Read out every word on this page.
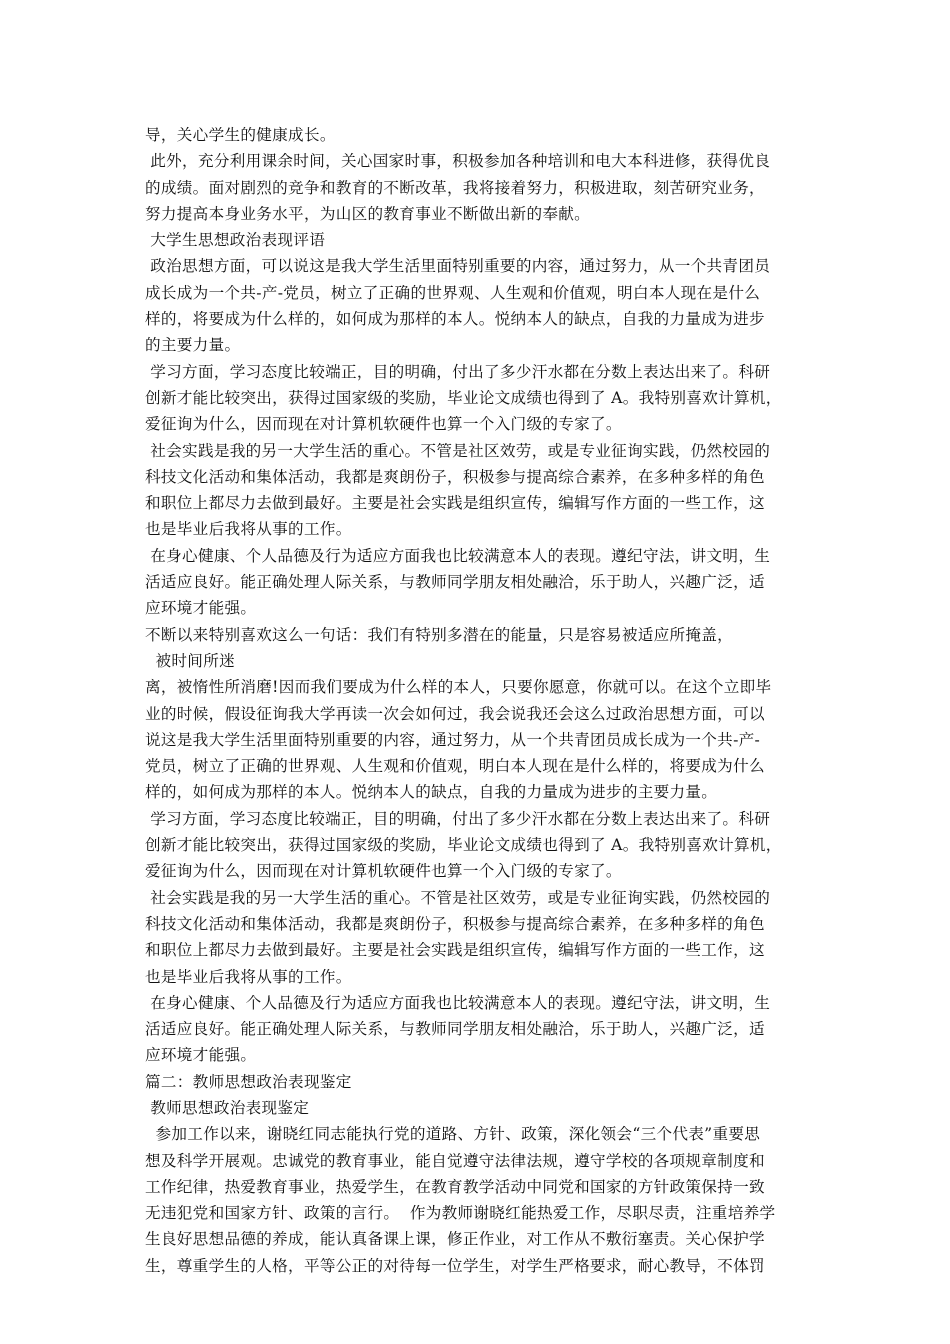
导，关心学生的健康成长。
此外，充分利用课余时间，关心国家时事，积极参加各种培训和电大本科进修，获得优良
的成绩。面对剧烈的竞争和教育的不断改革，我将接着努力，积极进取，刻苦研究业务，
努力提高本身业务水平，为山区的教育事业不断做出新的奉献。
大学生思想政治表现评语
政治思想方面，可以说这是我大学生活里面特别重要的内容，通过努力，从一个共青团员
成长成为一个共-产-党员，树立了正确的世界观、人生观和价值观，明白本人现在是什么
样的，将要成为什么样的，如何成为那样的本人。悦纳本人的缺点，自我的力量成为进步
的主要力量。
学习方面，学习态度比较端正，目的明确，付出了多少汗水都在分数上表达出来了。科研
创新才能比较突出，获得过国家级的奖励，毕业论文成绩也得到了 A。我特别喜欢计算机，
爱征询为什么，因而现在对计算机软硬件也算一个入门级的专家了。
社会实践是我的另一大学生活的重心。不管是社区效劳，或是专业征询实践，仍然校园的
科技文化活动和集体活动，我都是爽朗份子，积极参与提高综合素养，在多种多样的角色
和职位上都尽力去做到最好。主要是社会实践是组织宣传，编辑写作方面的一些工作，这
也是毕业后我将从事的工作。
在身心健康、个人品德及行为适应方面我也比较满意本人的表现。遵纪守法，讲文明，生
活适应良好。能正确处理人际关系，与教师同学朋友相处融洽，乐于助人，兴趣广泛，适
应环境才能强。
不断以来特别喜欢这么一句话：我们有特别多潜在的能量，只是容易被适应所掩盖，
被时间所迷
离，被惰性所消磨!因而我们要成为什么样的本人，只要你愿意，你就可以。在这个立即毕
业的时候，假设征询我大学再读一次会如何过，我会说我还会这么过政治思想方面，可以
说这是我大学生活里面特别重要的内容，通过努力，从一个共青团员成长成为一个共-产-
党员，树立了正确的世界观、人生观和价值观，明白本人现在是什么样的，将要成为什么
样的，如何成为那样的本人。悦纳本人的缺点，自我的力量成为进步的主要力量。
学习方面，学习态度比较端正，目的明确，付出了多少汗水都在分数上表达出来了。科研
创新才能比较突出，获得过国家级的奖励，毕业论文成绩也得到了 A。我特别喜欢计算机，
爱征询为什么，因而现在对计算机软硬件也算一个入门级的专家了。
社会实践是我的另一大学生活的重心。不管是社区效劳，或是专业征询实践，仍然校园的
科技文化活动和集体活动，我都是爽朗份子，积极参与提高综合素养，在多种多样的角色
和职位上都尽力去做到最好。主要是社会实践是组织宣传，编辑写作方面的一些工作，这
也是毕业后我将从事的工作。
在身心健康、个人品德及行为适应方面我也比较满意本人的表现。遵纪守法，讲文明，生
活适应良好。能正确处理人际关系，与教师同学朋友相处融洽，乐于助人，兴趣广泛，适
应环境才能强。
篇二：教师思想政治表现鉴定
教师思想政治表现鉴定
参加工作以来，谢晓红同志能执行党的道路、方针、政策，深化领会“三个代表”重要思
想及科学开展观。忠诚党的教育事业，能自觉遵守法律法规，遵守学校的各项规章制度和
工作纪律，热爱教育事业，热爱学生，在教育教学活动中同党和国家的方针政策保持一致
无违犯党和国家方针、政策的言行。  作为教师谢晓红能热爱工作，尽职尽责，注重培养学
生良好思想品德的养成，能认真备课上课，修正作业，对工作从不敷衍塞责。关心保护学
生，尊重学生的人格，平等公正的对待每一位学生，对学生严格要求，耐心教导，不体罚
